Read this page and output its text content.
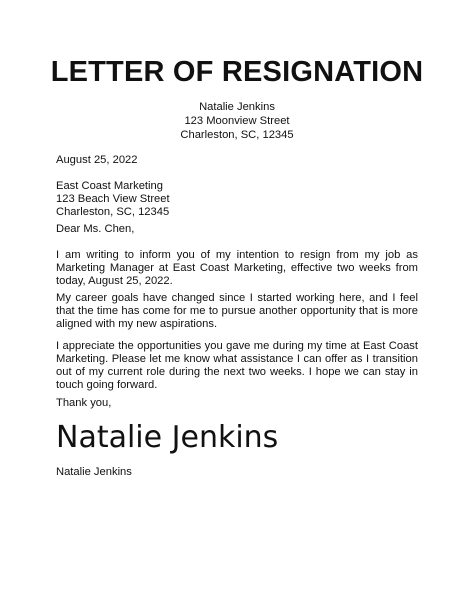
LETTER OF RESIGNATION
Natalie Jenkins
123 Moonview Street
Charleston, SC, 12345
August 25, 2022
East Coast Marketing
123 Beach View Street
Charleston, SC, 12345
Dear Ms. Chen,

I am writing to inform you of my intention to resign from my job as Marketing Manager at East Coast Marketing, effective two weeks from today, August 25, 2022.

My career goals have changed since I started working here, and I feel that the time has come for me to pursue another opportunity that is more aligned with my new aspirations.

I appreciate the opportunities you gave me during my time at East Coast Marketing. Please let me know what assistance I can offer as I transition out of my current role during the next two weeks. I hope we can stay in touch going forward.

Thank you,
Natalie Jenkins
Natalie Jenkins
